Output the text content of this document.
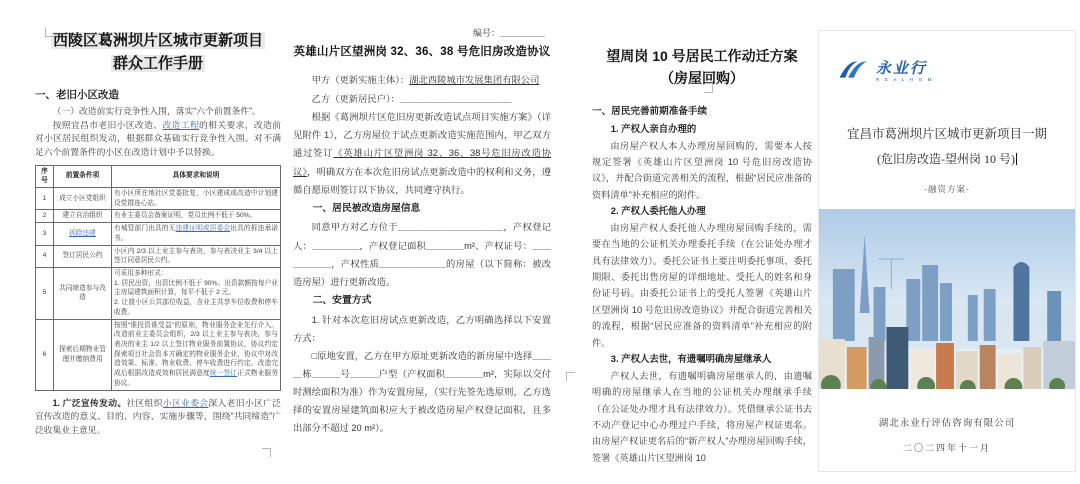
西陵区葛洲坝片区城市更新项目
群众工作手册
一、老旧小区改造

（一）改造前实行竞争性入围，落实“六个前置条件”。

按照宜昌市老旧小区改造、改造工程的相关要求，改造前对小区居民组织发动，根据群众基础实行竞争性入围。对不满足六个前置条件的小区在改造计划中予以替换。

序号	前置条件项	具体要求和说明
1	成立小区党组织	有小区所在地社区党委批复，小区建成或改造中计划建设党群连心站。
2	建立自治组织	有业主委员会备案证明，党员比例不低于 50%。
3	拆除违建	有城管部门出具的无违建证明或居委会出具的拆违承诺书。
4	签订居民公约	小区内 2/3 以上业主参与表决，参与表决业主 3/4 以上签订同意居民公约。
5	共同缔造参与改造	可采用多种形式：
1. 居民出资，出资比例不低于 90%、出资款额按每户业主房屋建筑面积计算，每平不低于 2 元。
2. 让渡小区公共部位收益，含业主共享车位收费和停车收费。

6	探索后期物业管理并缴纳费用	按照“谁投资谁受益”的原则，物业服务企业先行介入。改造前业主委员会组织，2/3 以上业主参与表决，参与表决的业主 1/2 以上签订物业服务前置协议，协议约定探索项目社会资本方确定的物业服务企业，协议中对改造效果、标准、物业收费、停车收费进行约定。改造完成后根据改造成效和居民满意度统一签订正式物业服务协议。

1. 广泛宣传发动。社区组织小区业委会深入老旧小区广泛宣传改造的意义、目的、内容、实施步骤等，围绕“共同缔造”广泛收集业主意见。

编号：＿＿＿＿＿
英雄山片区望洲岗 32、36、38 号危旧房改造协议
甲方（更新实施主体）：湖北西陵城市发展集团有限公司
乙方（更新居民户）：＿＿＿＿＿＿＿＿＿＿＿＿

根据《葛洲坝片区危旧房更新改造试点项目实施方案》（详见附件 1），乙方房屋位于试点更新改造实施范围内，甲乙双方通过签订《英雄山片区望洲岗 32、36、38号危旧房改造协议》，明确双方在本次危旧房试点更新改造中的权利和义务，遵循自愿原则签订以下协议，共同遵守执行。

一、居民被改造房屋信息

同意甲方对乙方位于＿＿＿＿＿＿＿＿＿＿＿，产权登记人：＿＿＿＿＿，产权登记面积＿＿＿＿m²、产权证号：＿＿＿＿＿＿，产权性质＿＿＿＿＿＿＿的房屋（以下简称：被改造房屋）进行更新改造。

二、安置方式

1. 针对本次危旧房试点更新改造，乙方明确选择以下安置方式：

□原地安置，乙方在甲方原址更新改造的新房屋中选择＿＿＿栋＿＿＿号＿＿＿户型（产权面积＿＿＿＿m²，实际以交付时测绘面积为准）作为安置房屋，（实行先签先选原则，乙方选择的安置房屋建筑面积应大于被改造房屋产权登记面积，且多出部分不超过 20 m²）。

望周岗 10 号居民工作动迁方案
（房屋回购）
一、居民完善前期准备手续
1. 产权人亲自办理的

由房屋产权人本人办理房屋回购的，需要本人按规定签署《英雄山片区望洲岗 10 号危旧房改造协议》，并配合街道完善相关的流程，根据“居民应准备的资料清单”补充相应的附件。

2. 产权人委托他人办理

由房屋产权人委托他人办理房屋回购手续的，需要在当地的公证机关办理委托手续（在公证处办理才具有法律效力）。委托公证书上要注明委托事项、委托期限、委托出售房屋的详细地址、受托人的姓名和身份证号码。由委托公证书上的受托人签署《英雄山片区望洲岗 10 号危旧房改造协议》并配合街道完善相关的流程，根据“居民应准备的资料清单”补充相应的附件。

3. 产权人去世，有遗嘱明确房屋继承人

产权人去世，有遗嘱明确房屋继承人的，由遗嘱明确的房屋继承人在当地的公证机关办理继承手续（在公证处办理才具有法律效力）。凭借继承公证书去不动产登记中心办理过户手续，将房屋产权证更名。由房屋产权证更名后的“新产权人”办理房屋回购手续，签署《英雄山片区望洲岗 10

永业行
R E A L H O M
宜昌市葛洲坝片区城市更新项目一期
(危旧房改造-望州岗 10 号)
-融资方案-
湖北永业行评估咨询有限公司
二〇二四年十一月
